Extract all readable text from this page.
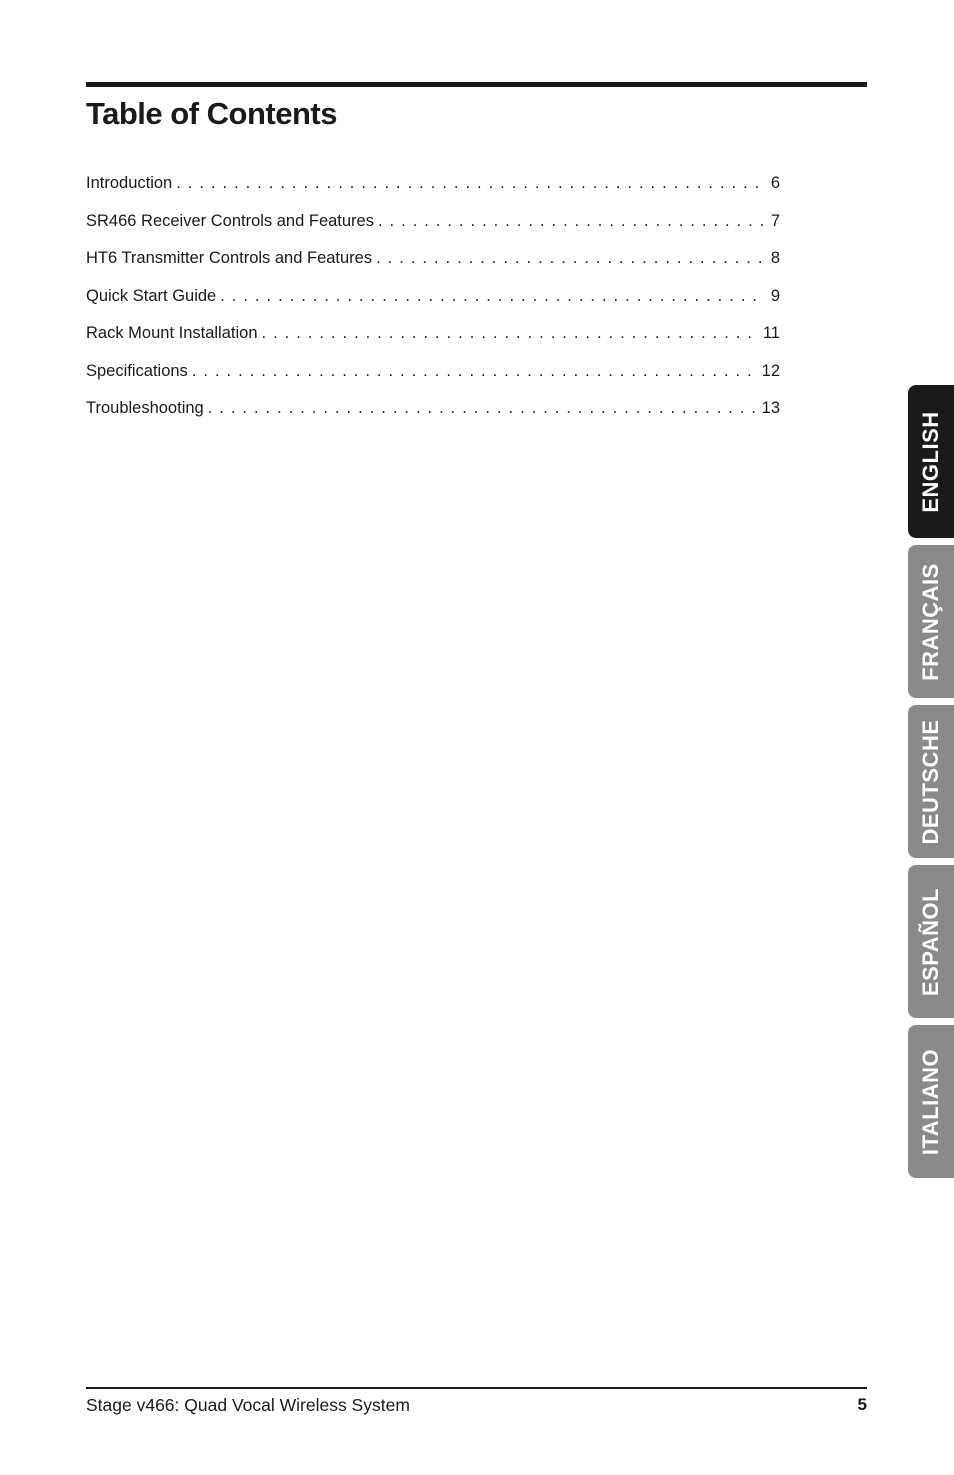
Table of Contents
Introduction . . .	6
SR466 Receiver Controls and Features . . .	7
HT6 Transmitter Controls and Features . . .	8
Quick Start Guide . . .	9
Rack Mount Installation . . .	11
Specifications . . .	12
Troubleshooting . . .	13
ENGLISH
FRANÇAIS
DEUTSCHE
ESPAÑOL
ITALIANO
Stage v466: Quad Vocal Wireless System	5
